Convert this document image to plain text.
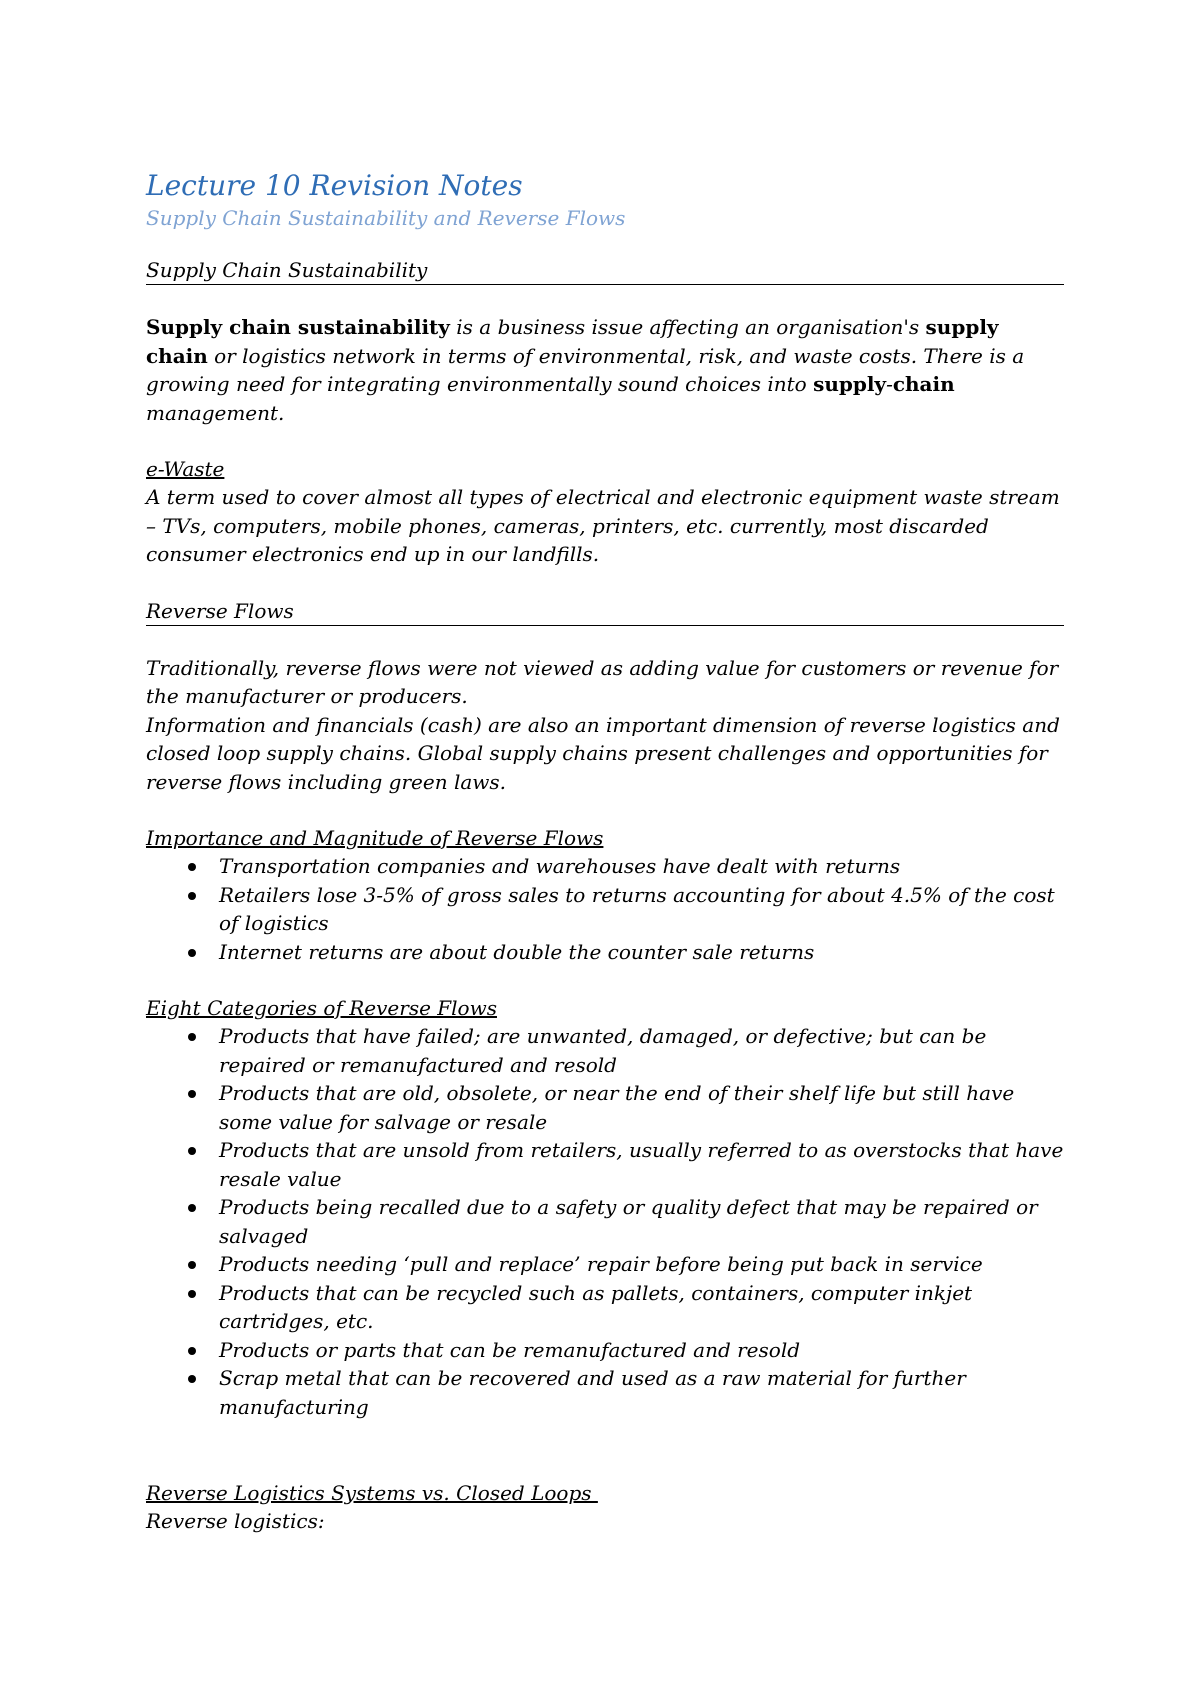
Lecture 10 Revision Notes
Supply Chain Sustainability and Reverse Flows
Supply Chain Sustainability

Supply chain sustainability is a business issue affecting an organisation's supply chain or logistics network in terms of environmental, risk, and waste costs. There is a growing need for integrating environmentally sound choices into supply-chain management.

e-Waste

A term used to cover almost all types of electrical and electronic equipment waste stream – TVs, computers, mobile phones, cameras, printers, etc. currently, most discarded consumer electronics end up in our landfills.

Reverse Flows

Traditionally, reverse flows were not viewed as adding value for customers or revenue for the manufacturer or producers.

Information and financials (cash) are also an important dimension of reverse logistics and closed loop supply chains. Global supply chains present challenges and opportunities for reverse flows including green laws.

Importance and Magnitude of Reverse Flows

Transportation companies and warehouses have dealt with returns
Retailers lose 3-5% of gross sales to returns accounting for about 4.5% of the cost of logistics
Internet returns are about double the counter sale returns

Eight Categories of Reverse Flows

Products that have failed; are unwanted, damaged, or defective; but can be repaired or remanufactured and resold
Products that are old, obsolete, or near the end of their shelf life but still have some value for salvage or resale
Products that are unsold from retailers, usually referred to as overstocks that have resale value
Products being recalled due to a safety or quality defect that may be repaired or salvaged
Products needing ‘pull and replace’ repair before being put back in service
Products that can be recycled such as pallets, containers, computer inkjet cartridges, etc.
Products or parts that can be remanufactured and resold
Scrap metal that can be recovered and used as a raw material for further manufacturing

Reverse Logistics Systems vs. Closed Loops

Reverse logistics:
